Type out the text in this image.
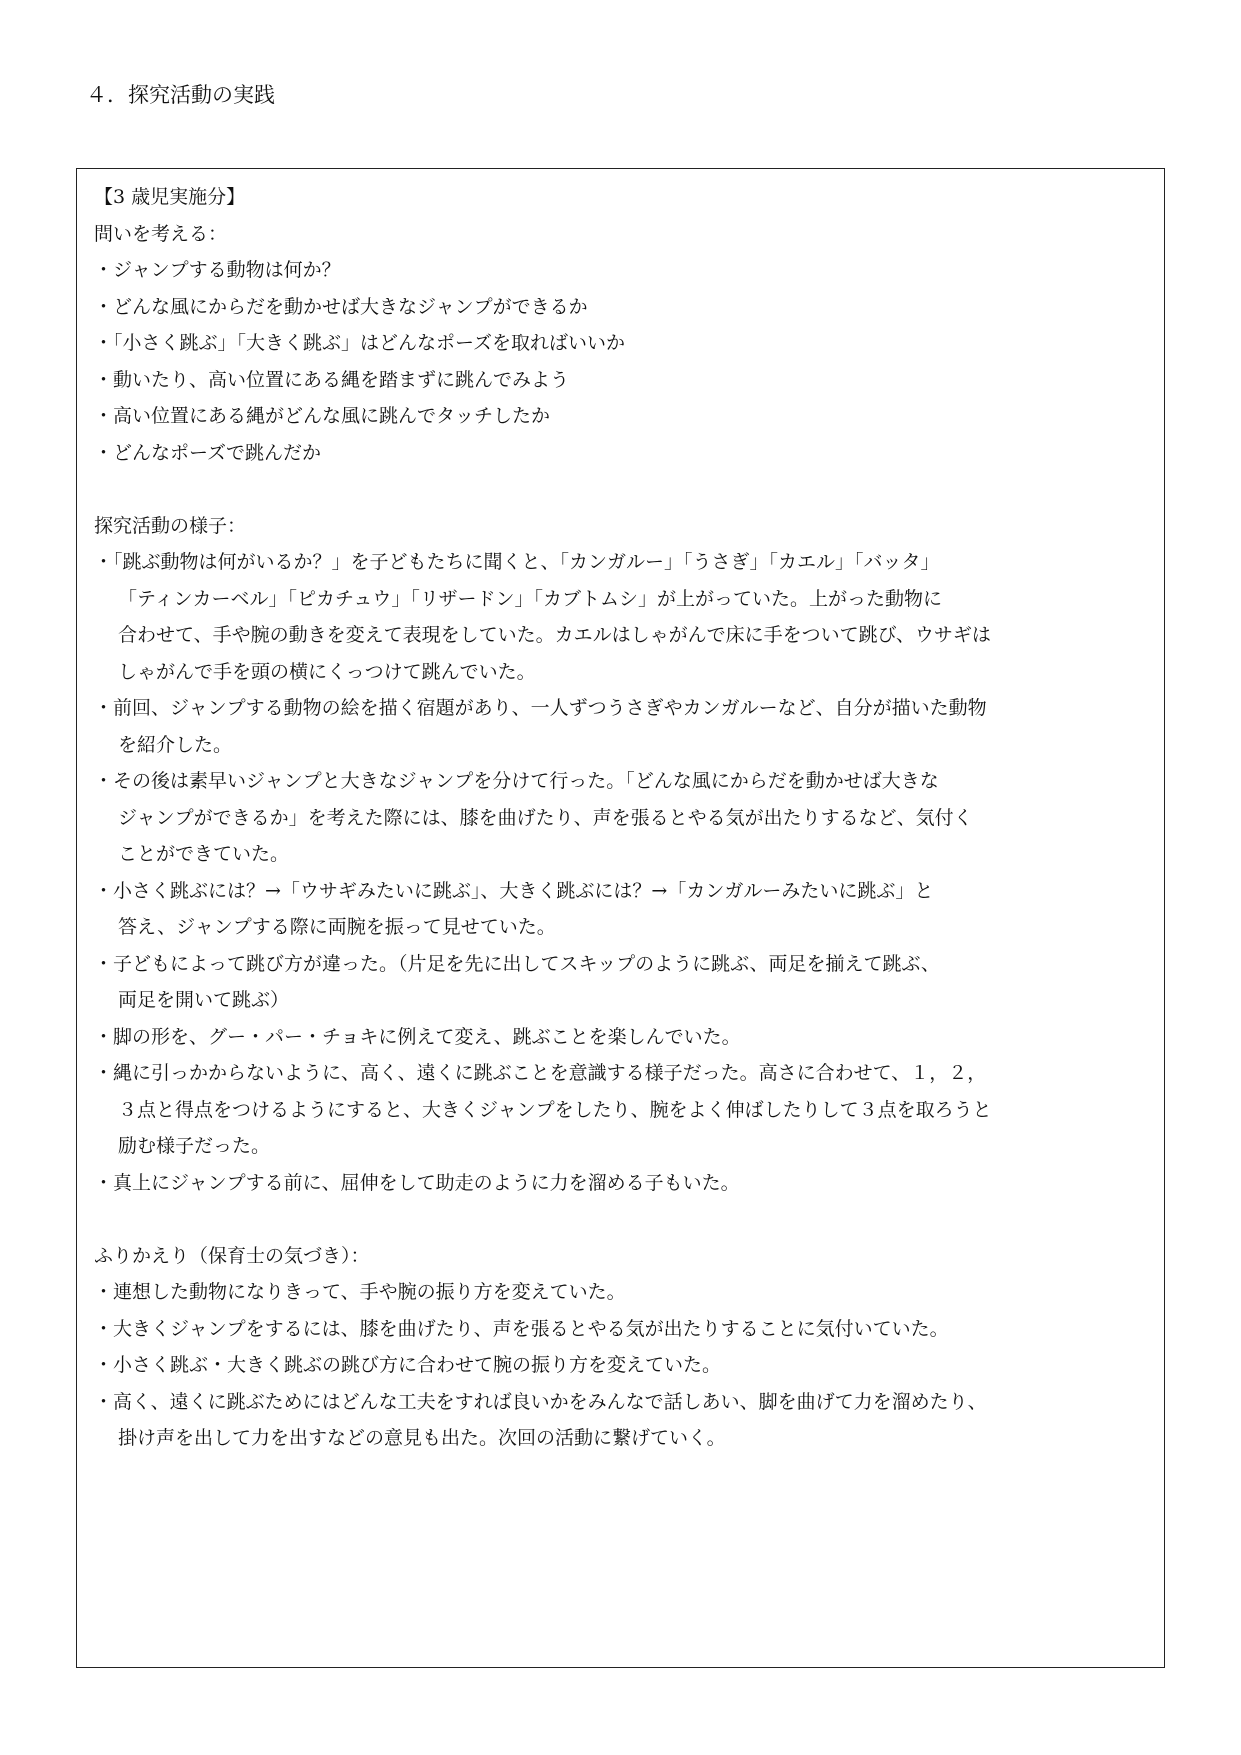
４．探究活動の実践
【3 歳児実施分】
問いを考える：
・ジャンプする動物は何か？
・どんな風にからだを動かせば大きなジャンプができるか
・「小さく跳ぶ」「大きく跳ぶ」はどんなポーズを取ればいいか
・動いたり、高い位置にある縄を踏まずに跳んでみよう
・高い位置にある縄がどんな風に跳んでタッチしたか
・どんなポーズで跳んだか
探究活動の様子：
・「跳ぶ動物は何がいるか？」を子どもたちに聞くと、「カンガルー」「うさぎ」「カエル」「バッタ」
「ティンカーベル」「ピカチュウ」「リザードン」「カブトムシ」が上がっていた。上がった動物に
合わせて、手や腕の動きを変えて表現をしていた。カエルはしゃがんで床に手をついて跳び、ウサギは
しゃがんで手を頭の横にくっつけて跳んでいた。
・前回、ジャンプする動物の絵を描く宿題があり、一人ずつうさぎやカンガルーなど、自分が描いた動物
を紹介した。
・その後は素早いジャンプと大きなジャンプを分けて行った。「どんな風にからだを動かせば大きな
ジャンプができるか」を考えた際には、膝を曲げたり、声を張るとやる気が出たりするなど、気付く
ことができていた。
・小さく跳ぶには？→「ウサギみたいに跳ぶ」、大きく跳ぶには？→「カンガルーみたいに跳ぶ」と
答え、ジャンプする際に両腕を振って見せていた。
・子どもによって跳び方が違った。（片足を先に出してスキップのように跳ぶ、両足を揃えて跳ぶ、
両足を開いて跳ぶ）
・脚の形を、グー・パー・チョキに例えて変え、跳ぶことを楽しんでいた。
・縄に引っかからないように、高く、遠くに跳ぶことを意識する様子だった。高さに合わせて、１，２，
３点と得点をつけるようにすると、大きくジャンプをしたり、腕をよく伸ばしたりして３点を取ろうと
励む様子だった。
・真上にジャンプする前に、屈伸をして助走のように力を溜める子もいた。
ふりかえり（保育士の気づき）：
・連想した動物になりきって、手や腕の振り方を変えていた。
・大きくジャンプをするには、膝を曲げたり、声を張るとやる気が出たりすることに気付いていた。
・小さく跳ぶ・大きく跳ぶの跳び方に合わせて腕の振り方を変えていた。
・高く、遠くに跳ぶためにはどんな工夫をすれば良いかをみんなで話しあい、脚を曲げて力を溜めたり、
掛け声を出して力を出すなどの意見も出た。次回の活動に繋げていく。
